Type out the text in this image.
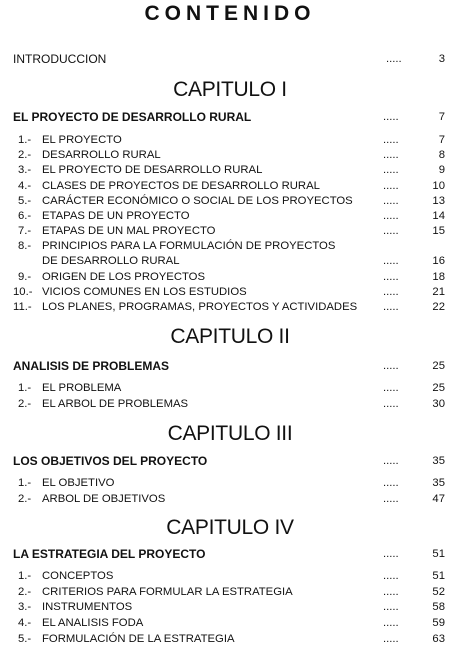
CONTENIDO
INTRODUCCION	.....	3
CAPITULO I
EL PROYECTO DE DESARROLLO RURAL	.....	7
1.- EL PROYECTO	.....	7
2.- DESARROLLO RURAL	.....	8
3.- EL PROYECTO DE DESARROLLO RURAL	.....	9
4.- CLASES DE PROYECTOS DE DESARROLLO RURAL	.....	10
5.- CARÁCTER ECONÓMICO O SOCIAL DE LOS PROYECTOS	.....	13
6.- ETAPAS DE UN PROYECTO	.....	14
7.- ETAPAS DE UN MAL PROYECTO	.....	15
8.- PRINCIPIOS PARA LA FORMULACIÓN DE PROYECTOS
DE DESARROLLO RURAL	.....	16
9.- ORIGEN DE LOS PROYECTOS	.....	18
10.- VICIOS COMUNES EN LOS ESTUDIOS	.....	21
11.- LOS PLANES, PROGRAMAS, PROYECTOS Y ACTIVIDADES .....	22
CAPITULO II
ANALISIS DE PROBLEMAS	.....	25
1.- EL PROBLEMA	.....	25
2.- EL ARBOL DE PROBLEMAS	.....	30
CAPITULO III
LOS OBJETIVOS DEL PROYECTO	.....	35
1.- EL OBJETIVO	.....	35
2.- ARBOL DE OBJETIVOS	.....	47
CAPITULO IV
LA ESTRATEGIA DEL PROYECTO	.....	51
1.- CONCEPTOS	.....	51
2.- CRITERIOS PARA FORMULAR LA ESTRATEGIA	.....	52
3.- INSTRUMENTOS	.....	58
4.- EL ANALISIS FODA	.....	59
5.- FORMULACIÓN DE LA ESTRATEGIA	.....	63
